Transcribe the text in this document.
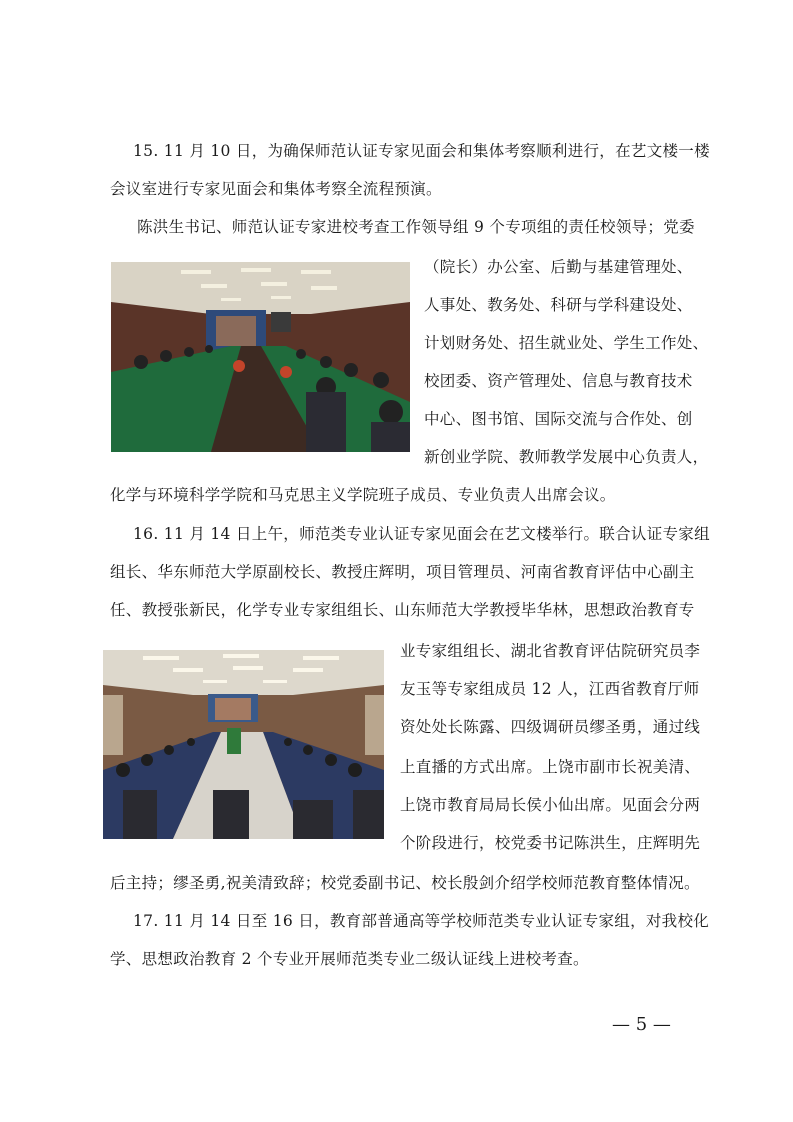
15. 11 月 10 日，为确保师范认证专家见面会和集体考察顺利进行，在艺文楼一楼
会议室进行专家见面会和集体考察全流程预演。
陈洪生书记、师范认证专家进校考查工作领导组 9 个专项组的责任校领导；党委
（院长）办公室、后勤与基建管理处、
人事处、教务处、科研与学科建设处、
计划财务处、招生就业处、学生工作处、
校团委、资产管理处、信息与教育技术
中心、图书馆、国际交流与合作处、创
新创业学院、教师教学发展中心负责人，
化学与环境科学学院和马克思主义学院班子成员、专业负责人出席会议。
16. 11 月 14 日上午，师范类专业认证专家见面会在艺文楼举行。联合认证专家组
组长、华东师范大学原副校长、教授庄辉明，项目管理员、河南省教育评估中心副主
任、教授张新民，化学专业专家组组长、山东师范大学教授毕华林，思想政治教育专
业专家组组长、湖北省教育评估院研究员李
友玉等专家组成员 12 人，江西省教育厅师
资处处长陈露、四级调研员缪圣勇，通过线
上直播的方式出席。上饶市副市长祝美清、
上饶市教育局局长侯小仙出席。见面会分两
个阶段进行，校党委书记陈洪生，庄辉明先
后主持；缪圣勇,祝美清致辞；校党委副书记、校长殷剑介绍学校师范教育整体情况。
17. 11 月 14 日至 16 日，教育部普通高等学校师范类专业认证专家组，对我校化
学、思想政治教育 2 个专业开展师范类专业二级认证线上进校考查。
— 5 —
